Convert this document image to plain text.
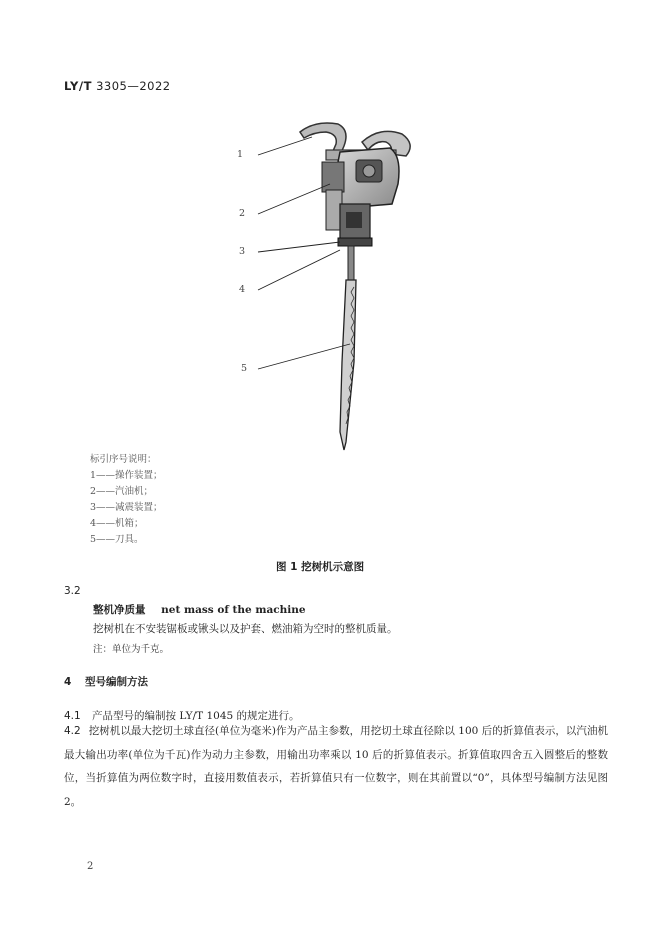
LY/T 3305—2022
1
2
3
4
5
标引序号说明：
1——操作装置；
2——汽油机；
3——减震装置；
4——机箱；
5——刀具。
图 1 挖树机示意图
3.2
整机净质量 net mass of the machine
挖树机在不安装锯板或锹头以及护套、燃油箱为空时的整机质量。
注：单位为千克。
4 型号编制方法
4.1 产品型号的编制按 LY/T 1045 的规定进行。
4.2 挖树机以最大挖切土球直径(单位为毫米)作为产品主参数，用挖切土球直径除以 100 后的折算值表示，以汽油机最大输出功率(单位为千瓦)作为动力主参数，用输出功率乘以 10 后的折算值表示。折算值取四舍五入圆整后的整数位，当折算值为两位数字时，直接用数值表示，若折算值只有一位数字，则在其前置以“0”，具体型号编制方法见图 2。
2
